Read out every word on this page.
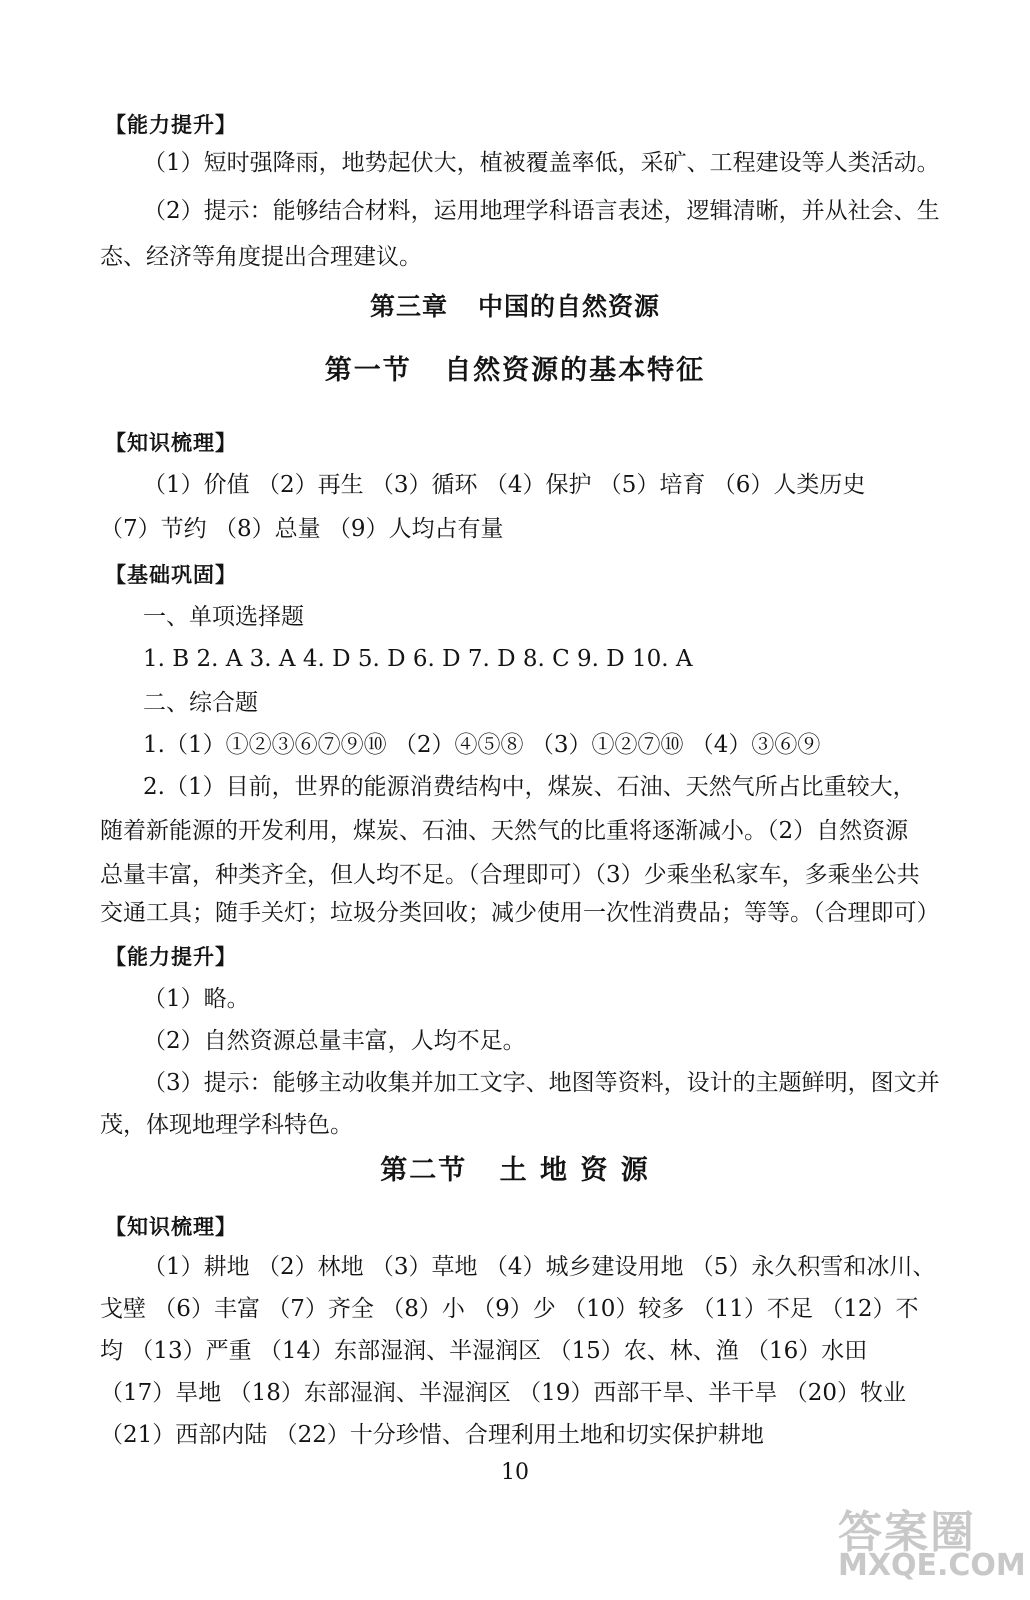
【能力提升】
（1）短时强降雨，地势起伏大，植被覆盖率低，采矿、工程建设等人类活动。
（2）提示：能够结合材料，运用地理学科语言表述，逻辑清晰，并从社会、生
态、经济等角度提出合理建议。
第三章 中国的自然资源
第一节 自然资源的基本特征
【知识梳理】
（1）价值 （2）再生 （3）循环 （4）保护 （5）培育 （6）人类历史
（7）节约 （8）总量 （9）人均占有量
【基础巩固】
一、单项选择题
1. B 2. A 3. A 4. D 5. D 6. D 7. D 8. C 9. D 10. A
二、综合题
1.（1）①②③⑥⑦⑨⑩ （2）④⑤⑧ （3）①②⑦⑩ （4）③⑥⑨
2.（1）目前，世界的能源消费结构中，煤炭、石油、天然气所占比重较大，
随着新能源的开发利用，煤炭、石油、天然气的比重将逐渐减小。（2）自然资源
总量丰富，种类齐全，但人均不足。（合理即可）（3）少乘坐私家车，多乘坐公共
交通工具；随手关灯；垃圾分类回收；减少使用一次性消费品；等等。（合理即可）
【能力提升】
（1）略。
（2）自然资源总量丰富，人均不足。
（3）提示：能够主动收集并加工文字、地图等资料，设计的主题鲜明，图文并
茂，体现地理学科特色。
第二节 土 地 资 源
【知识梳理】
（1）耕地 （2）林地 （3）草地 （4）城乡建设用地 （5）永久积雪和冰川、
戈壁 （6）丰富 （7）齐全 （8）小 （9）少 （10）较多 （11）不足 （12）不
均 （13）严重 （14）东部湿润、半湿润区 （15）农、林、渔 （16）水田
（17）旱地 （18）东部湿润、半湿润区 （19）西部干旱、半干旱 （20）牧业
（21）西部内陆 （22）十分珍惜、合理利用土地和切实保护耕地
10
答案圈
MXQE.COM
